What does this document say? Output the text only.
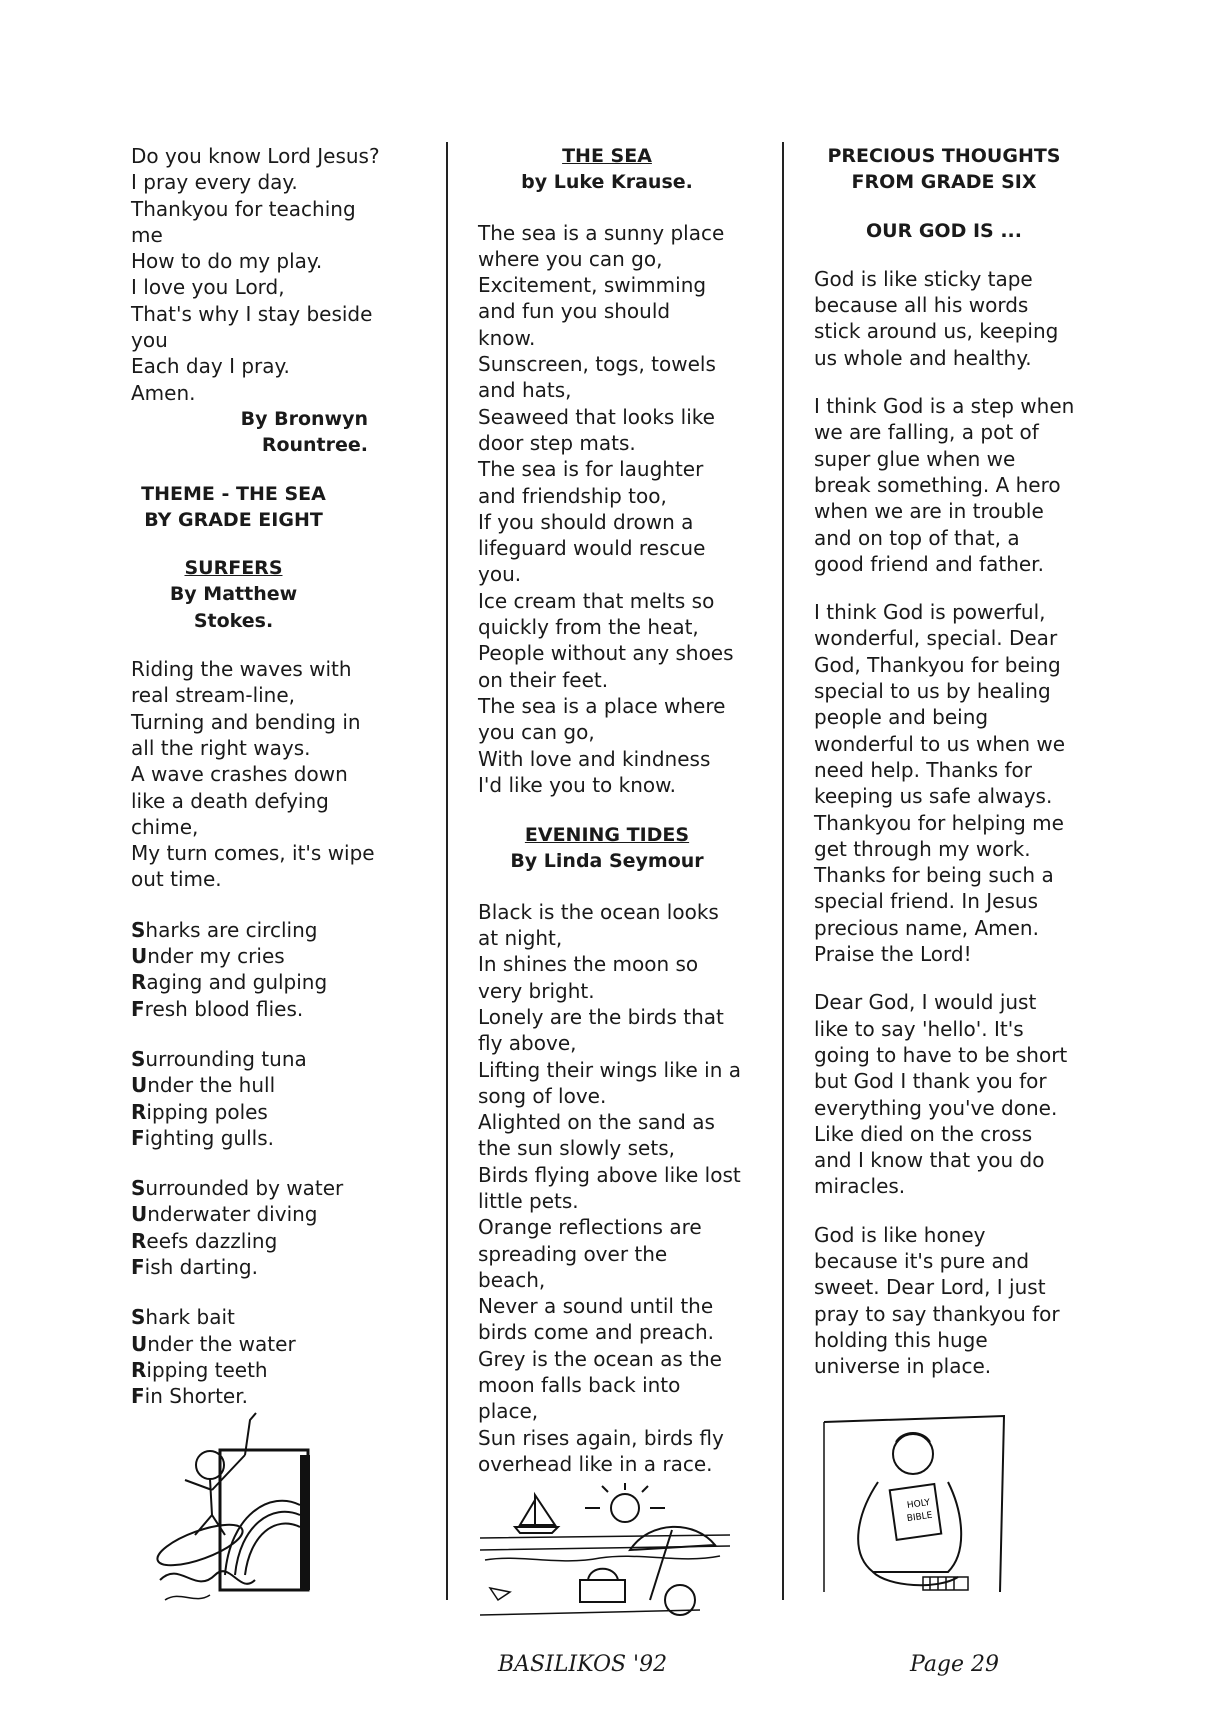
Do you know Lord Jesus?
I pray every day.
Thankyou for teaching
me
How to do my play.
I love you Lord,
That's why I stay beside
you
Each day I pray.
Amen.
By Bronwyn Rountree.
THEME - THE SEA
BY GRADE EIGHT
SURFERS
By Matthew Stokes.
Riding the waves with
real stream-line,
Turning and bending in
all the right ways.
A wave crashes down
like a death defying
chime,
My turn comes, it's wipe
out time.
Sharks are circling
Under my cries
Raging and gulping
Fresh blood flies.
Surrounding tuna
Under the hull
Ripping poles
Fighting gulls.
Surrounded by water
Underwater diving
Reefs dazzling
Fish darting.
Shark bait
Under the water
Ripping teeth
Fin Shorter.
THE SEA
by Luke Krause.
The sea is a sunny place
where you can go,
Excitement, swimming
and fun you should
know.
Sunscreen, togs, towels
and hats,
Seaweed that looks like
door step mats.
The sea is for laughter
and friendship too,
If you should drown a
lifeguard would rescue
you.
Ice cream that melts so
quickly from the heat,
People without any shoes
on their feet.
The sea is a place where
you can go,
With love and kindness
I'd like you to know.
EVENING TIDES
By Linda Seymour
Black is the ocean looks
at night,
In shines the moon so
very bright.
Lonely are the birds that
fly above,
Lifting their wings like in a
song of love.
Alighted on the sand as
the sun slowly sets,
Birds flying above like lost
little pets.
Orange reflections are
spreading over the
beach,
Never a sound until the
birds come and preach.
Grey is the ocean as the
moon falls back into
place,
Sun rises again, birds fly
overhead like in a race.
PRECIOUS THOUGHTS
FROM GRADE SIX
OUR GOD IS ...
God is like sticky tape
because all his words
stick around us, keeping
us whole and healthy.
I think God is a step when
we are falling, a pot of
super glue when we
break something. A hero
when we are in trouble
and on top of that, a
good friend and father.
I think God is powerful,
wonderful, special. Dear
God, Thankyou for being
special to us by healing
people and being
wonderful to us when we
need help. Thanks for
keeping us safe always.
Thankyou for helping me
get through my work.
Thanks for being such a
special friend. In Jesus
precious name, Amen.
Praise the Lord!
Dear God, I would just
like to say 'hello'. It's
going to have to be short
but God I thank you for
everything you've done.
Like died on the cross
and I know that you do
miracles.
God is like honey
because it's pure and
sweet. Dear Lord, I just
pray to say thankyou for
holding this huge
universe in place.
HOLY
BIBLE
BASILIKOS '92	Page 29
